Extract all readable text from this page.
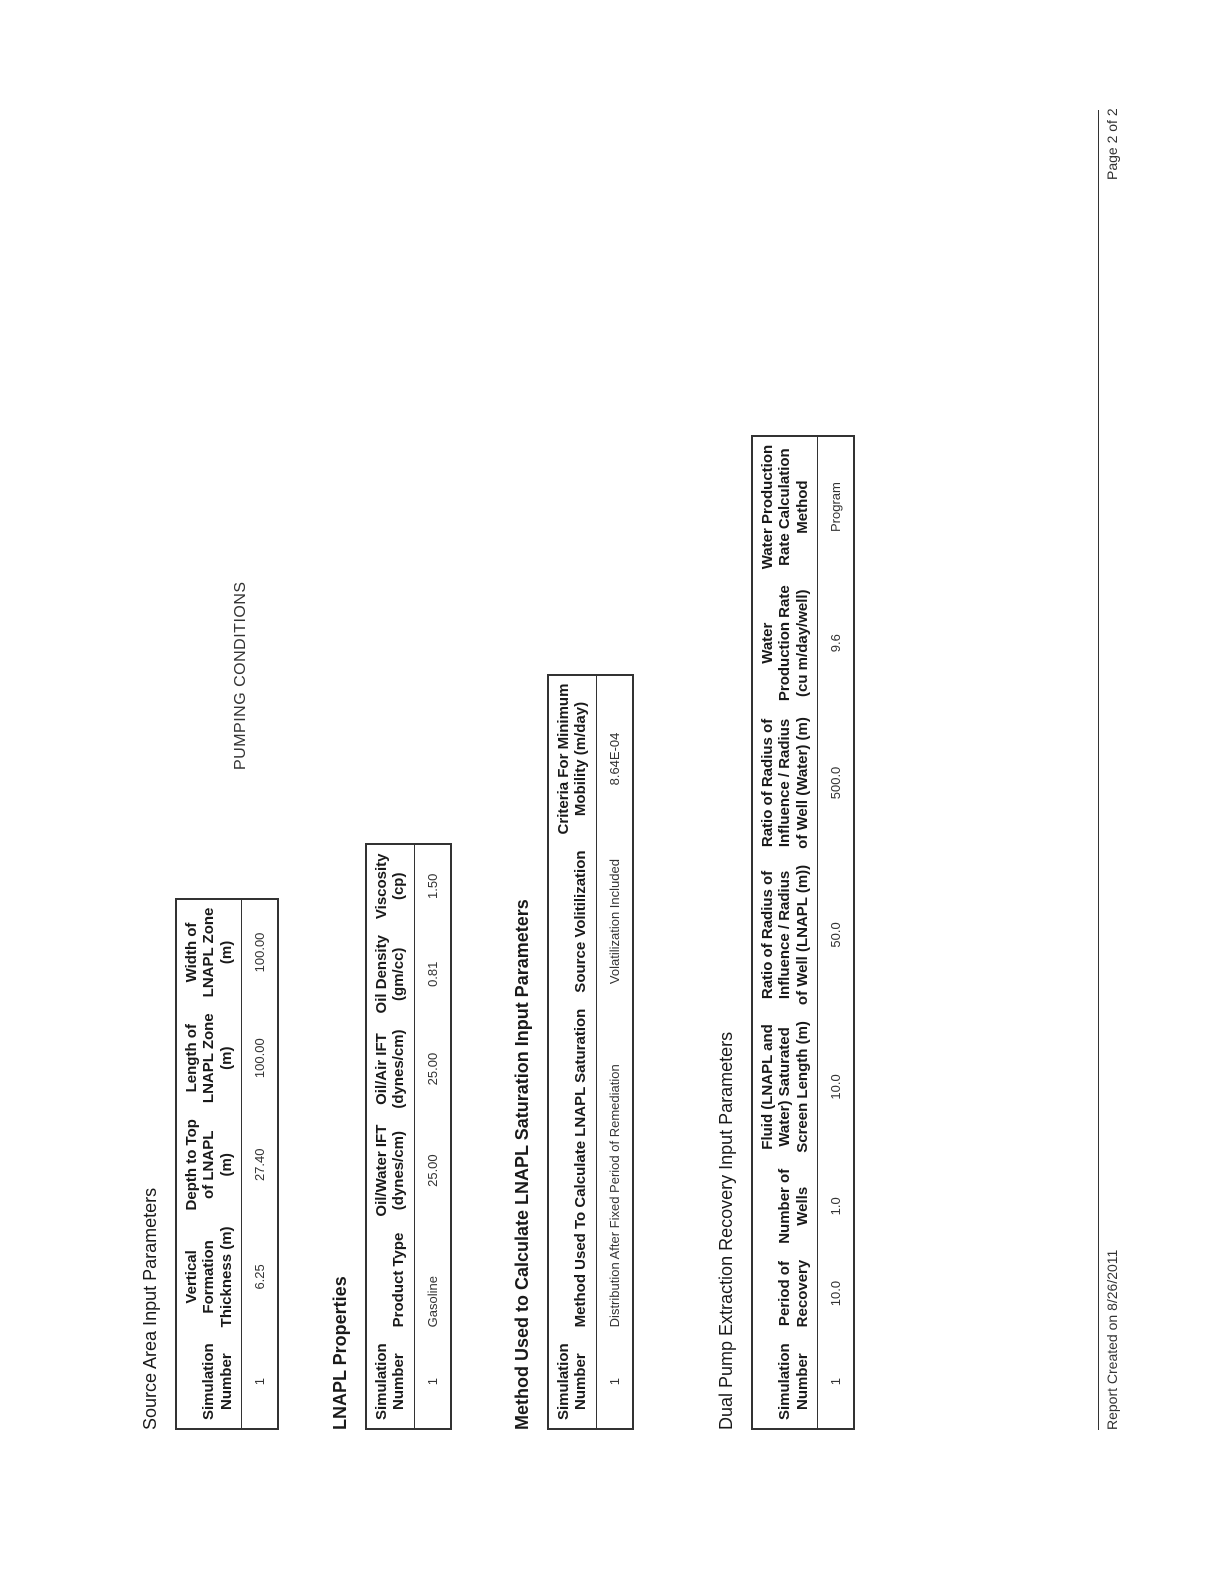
Source Area Input Parameters	Simulation
Number	Vertical
Formation
Thickness (m)	Depth to Top
of LNAPL
(m)	Length of
LNAPL Zone
(m)	Width of
LNAPL Zone
(m)
1	6.25	27.40	100.00	100.00
PUMPING CONDITIONS
LNAPL Properties Simulation
Number	Product Type	Oil/Water IFT
(dynes/cm)	Oil/Air IFT
(dynes/cm)	Oil Density
(gm/cc)	Viscosity
(cp)
1	Gasoline	25.00	25.00	0.81	1.50
Method Used to Calculate LNAPL Saturation Input Parameters Simulation
Number	Method Used To Calculate LNAPL Saturation	Source Volitilization	Criteria For Minimum
Mobility (m/day)
1	Distribution After Fixed Period of Remediation	Volatilization Included	8.64E-04
Dual Pump Extraction Recovery Input Parameters	Simulation
Number	Period of
Recovery	Number of
Wells	Fluid (LNAPL and
Water) Saturated
Screen Length (m)	Ratio of Radius of
Influence / Radius
of Well (LNAPL (m))	Ratio of Radius of
Influence / Radius
of Well (Water) (m)	Water
Production Rate
(cu m/day/well)	Water Production
Rate Calculation
Method
1	10.0	1.0	10.0	50.0	500.0	9.6	Program
Report Created on 8/26/2011
Page 2 of 2
